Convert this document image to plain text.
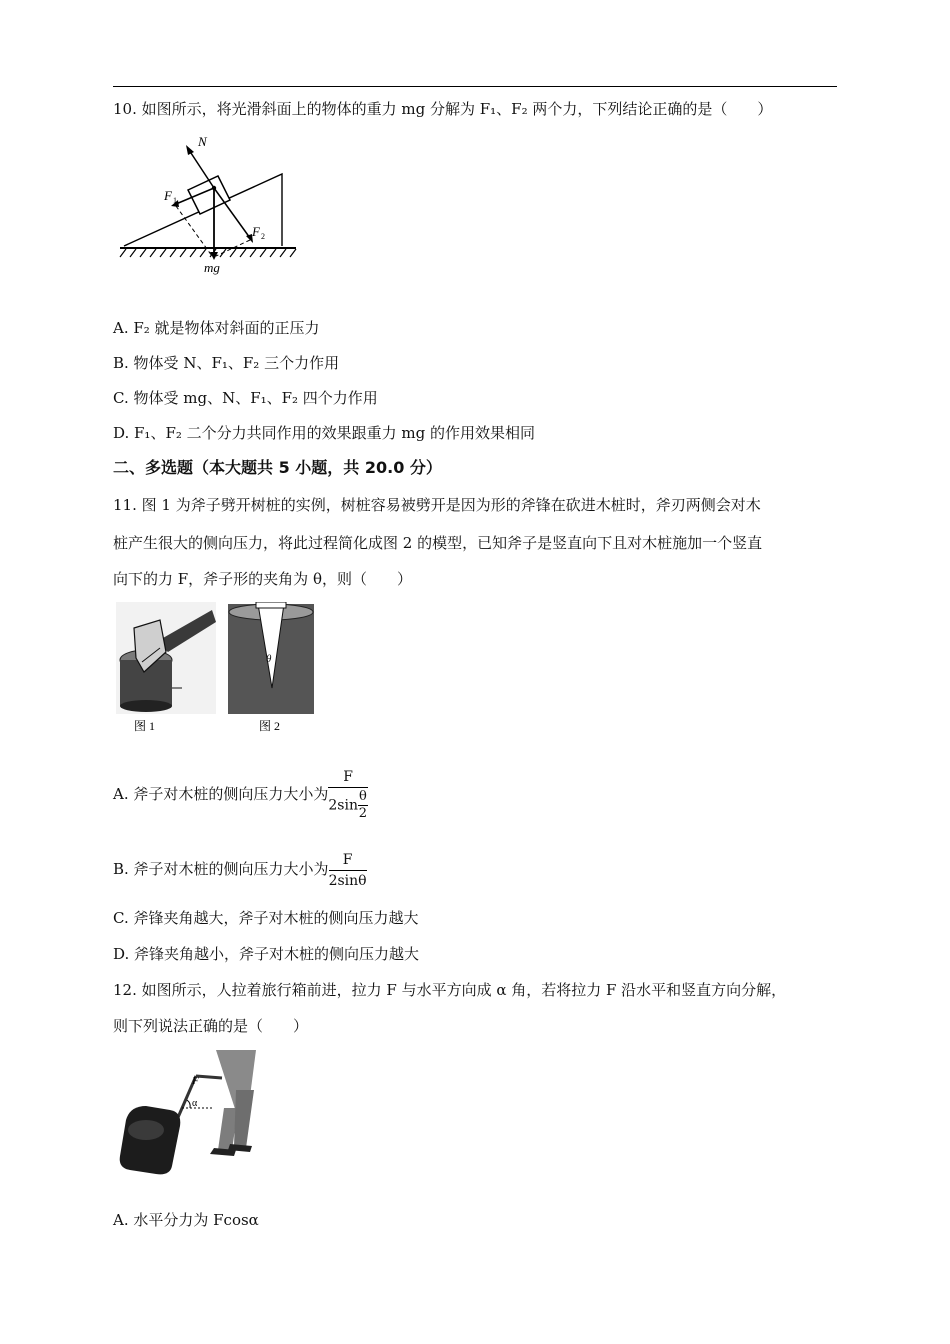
10. 如图所示，将光滑斜面上的物体的重力 mg 分解为 F₁、F₂ 两个力，下列结论正确的是（　　）
N
F 1
F 2
mg
A. F₂ 就是物体对斜面的正压力
B. 物体受 N、F₁、F₂ 三个力作用
C. 物体受 mg、N、F₁、F₂ 四个力作用
D. F₁、F₂ 二个分力共同作用的效果跟重力 mg 的作用效果相同
二、多选题（本大题共 5 小题，共 20.0 分）
11. 图 1 为斧子劈开树桩的实例，树桩容易被劈开是因为形的斧锋在砍进木桩时，斧刃两侧会对木
桩产生很大的侧向压力，将此过程简化成图 2 的模型，已知斧子是竖直向下且对木桩施加一个竖直
向下的力 F，斧子形的夹角为 θ，则（　　）
图 1
θ
图 2
A. 斧子对木桩的侧向压力大小为 $\frac{F}{2\sin \frac{\theta}{2}}$
B. 斧子对木桩的侧向压力大小为 $\frac{F}{2\sin\theta}$
C. 斧锋夹角越大，斧子对木桩的侧向压力越大
D. 斧锋夹角越小，斧子对木桩的侧向压力越大
12. 如图所示，人拉着旅行箱前进，拉力 F 与水平方向成 α 角，若将拉力 F 沿水平和竖直方向分解，
则下列说法正确的是（　　）
F
α
A. 水平分力为 Fcosα
